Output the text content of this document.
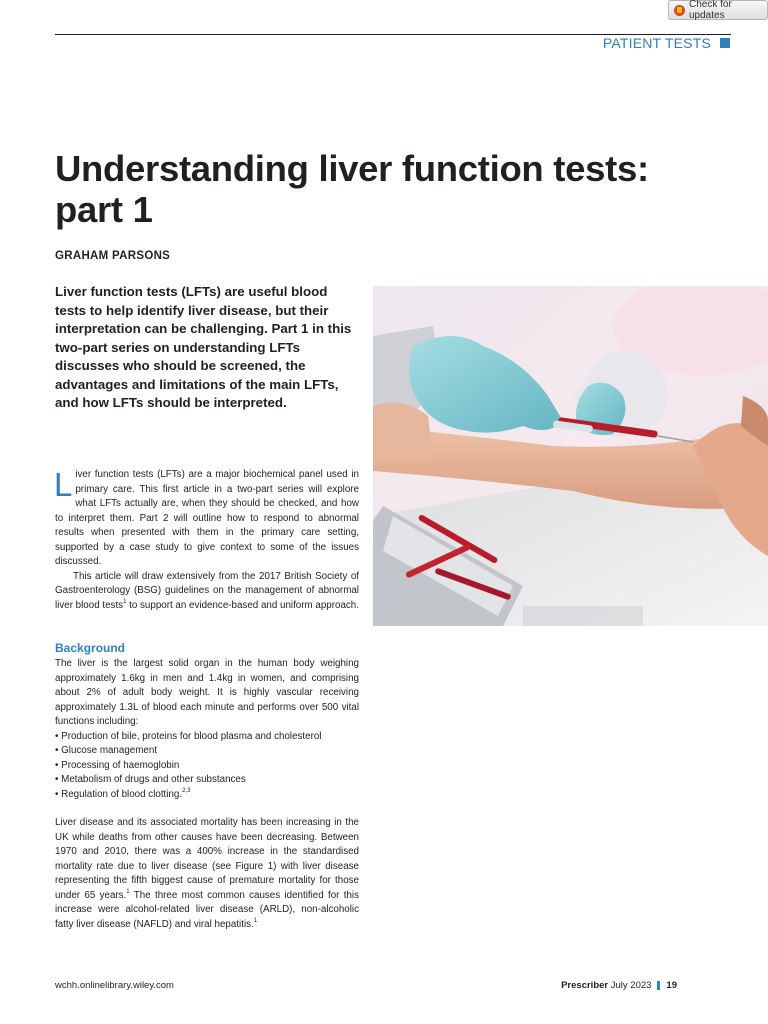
Check for updates
PATIENT TESTS
Understanding liver function tests: part 1
GRAHAM PARSONS
Liver function tests (LFTs) are useful blood tests to help identify liver disease, but their interpretation can be challenging. Part 1 in this two-part series on understanding LFTs discusses who should be screened, the advantages and limitations of the main LFTs, and how LFTs should be interpreted.

Liver function tests (LFTs) are a major biochemical panel used in primary care. This first article in a two-part series will explore what LFTs actually are, when they should be checked, and how to interpret them. Part 2 will outline how to respond to abnormal results when presented with them in the primary care setting, supported by a case study to give context to some of the issues discussed.

This article will draw extensively from the 2017 British Society of Gastroenterology (BSG) guidelines on the management of abnormal liver blood tests$^1$ to support an evidence-based and uniform approach.

Background

The liver is the largest solid organ in the human body weighing approximately 1.6kg in men and 1.4kg in women, and comprising about 2% of adult body weight. It is highly vascular receiving approximately 1.3L of blood each minute and performs over 500 vital functions including:

• Production of bile, proteins for blood plasma and cholesterol
• Glucose management
• Processing of haemoglobin
• Metabolism of drugs and other substances
• Regulation of blood clotting.$^{2,3}$

Liver disease and its associated mortality has been increasing in the UK while deaths from other causes have been decreasing. Between 1970 and 2010, there was a 400% increase in the standardised mortality rate due to liver disease (see Figure 1) with liver disease representing the fifth biggest cause of premature mortality for those under 65 years.$^1$ The three most common causes identified for this increase were alcohol-related liver disease (ARLD), non-alcoholic fatty liver disease (NAFLD) and viral hepatitis.$^1$

wchh.onlinelibrary.wiley.com	Prescriber July 2023 19
